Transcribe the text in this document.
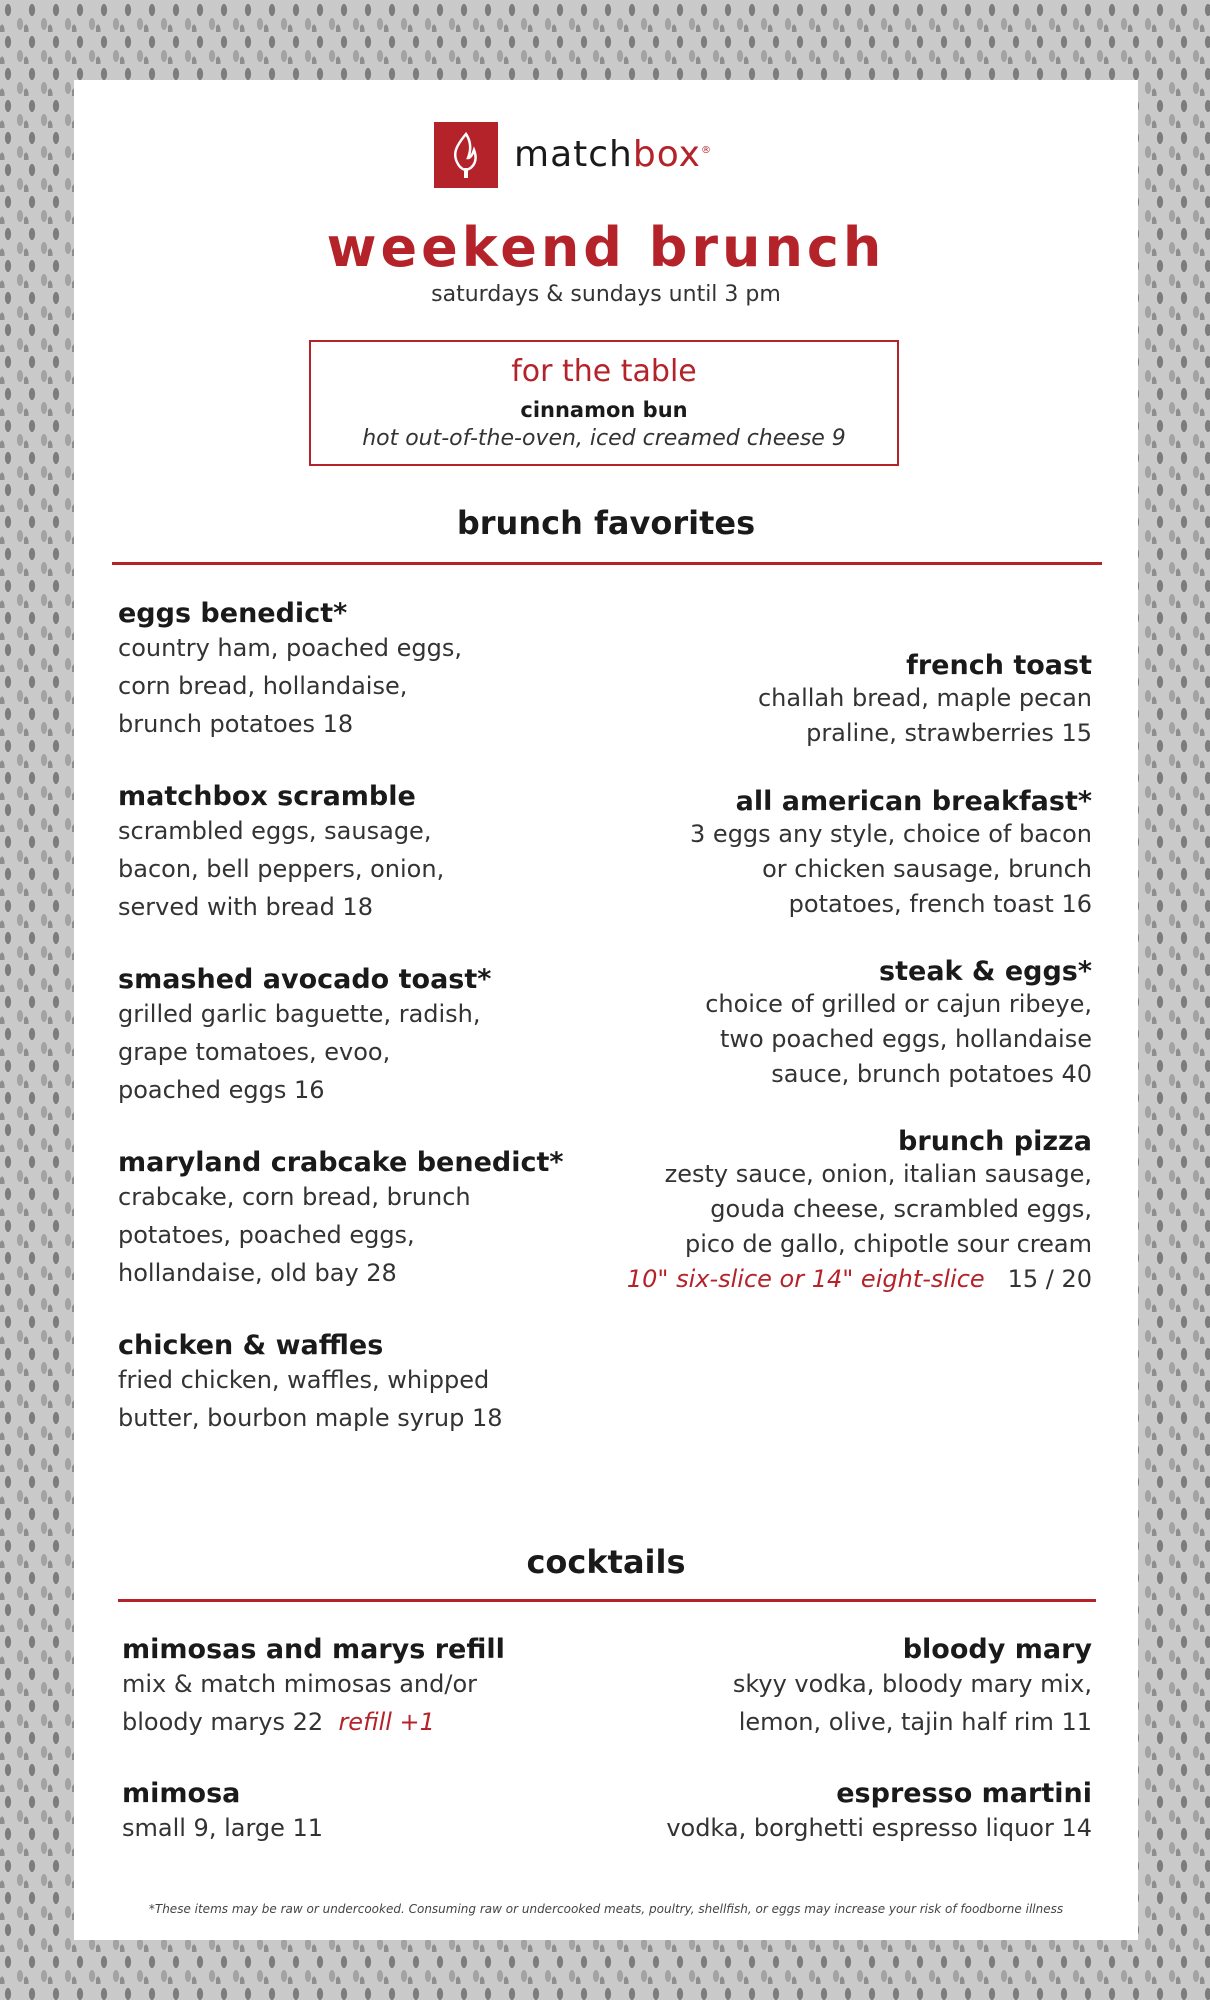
matchbox®
weekend brunch
saturdays & sundays until 3 pm
for the table
cinnamon bun
hot out-of-the-oven, iced creamed cheese 9
brunch favorites
eggs benedict*
country ham, poached eggs,
corn bread, hollandaise,
brunch potatoes 18
matchbox scramble
scrambled eggs, sausage,
bacon, bell peppers, onion,
served with bread 18
smashed avocado toast*
grilled garlic baguette, radish,
grape tomatoes, evoo,
poached eggs 16
maryland crabcake benedict*
crabcake, corn bread, brunch
potatoes, poached eggs,
hollandaise, old bay 28
chicken & waffles
fried chicken, waffles, whipped
butter, bourbon maple syrup 18
french toast
challah bread, maple pecan
praline, strawberries 15
all american breakfast*
3 eggs any style, choice of bacon
or chicken sausage, brunch
potatoes, french toast 16
steak & eggs*
choice of grilled or cajun ribeye,
two poached eggs, hollandaise
sauce, brunch potatoes 40
brunch pizza
zesty sauce, onion, italian sausage,
gouda cheese, scrambled eggs,
pico de gallo, chipotle sour cream
10" six-slice or 14" eight-slice 15 / 20
cocktails
mimosas and marys refill
mix & match mimosas and/or
bloody marys 22 refill +1
mimosa
small 9, large 11
bloody mary
skyy vodka, bloody mary mix,
lemon, olive, tajin half rim 11
espresso martini
vodka, borghetti espresso liquor 14
*These items may be raw or undercooked. Consuming raw or undercooked meats, poultry, shellfish, or eggs may increase your risk of foodborne illness
